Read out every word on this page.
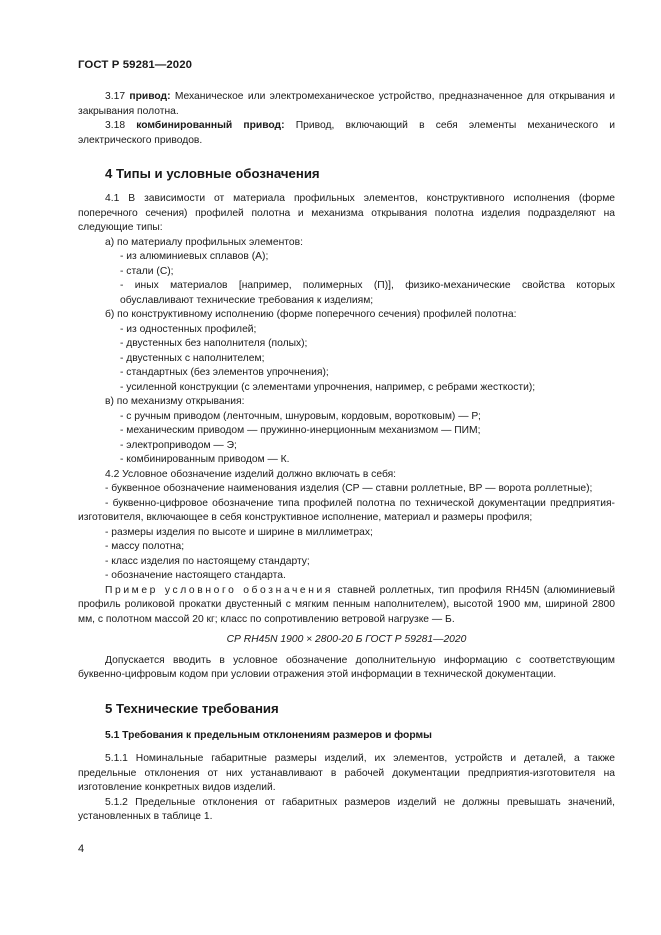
ГОСТ Р 59281—2020

3.17 привод: Механическое или электромеханическое устройство, предназначенное для открывания и закрывания полотна.

3.18 комбинированный привод: Привод, включающий в себя элементы механического и электрического приводов.

4 Типы и условные обозначения

4.1 В зависимости от материала профильных элементов, конструктивного исполнения (форме поперечного сечения) профилей полотна и механизма открывания полотна изделия подразделяют на следующие типы:

а) по материалу профильных элементов:

- из алюминиевых сплавов (А);

- стали (С);

- иных материалов [например, полимерных (П)], физико-механические свойства которых обуславливают технические требования к изделиям;

б) по конструктивному исполнению (форме поперечного сечения) профилей полотна:

- из одностенных профилей;

- двустенных без наполнителя (полых);

- двустенных с наполнителем;

- стандартных (без элементов упрочнения);

- усиленной конструкции (с элементами упрочнения, например, с ребрами жесткости);

в) по механизму открывания:

- с ручным приводом (ленточным, шнуровым, кордовым, воротковым) — Р;

- механическим приводом — пружинно-инерционным механизмом — ПИМ;

- электроприводом — Э;

- комбинированным приводом — К.

4.2 Условное обозначение изделий должно включать в себя:

- буквенное обозначение наименования изделия (СР — ставни роллетные, ВР — ворота роллетные);

- буквенно-цифровое обозначение типа профилей полотна по технической документации предприятия-изготовителя, включающее в себя конструктивное исполнение, материал и размеры профиля;

- размеры изделия по высоте и ширине в миллиметрах;

- массу полотна;

- класс изделия по настоящему стандарту;

- обозначение настоящего стандарта.

Пример условного обозначения ставней роллетных, тип профиля RH45N (алюминиевый профиль роликовой прокатки двустенный с мягким пенным наполнителем), высотой 1900 мм, шириной 2800 мм, с полотном массой 20 кг; класс по сопротивлению ветровой нагрузке — Б.

СР RH45N 1900 × 2800-20 Б ГОСТ Р 59281—2020

Допускается вводить в условное обозначение дополнительную информацию с соответствующим буквенно-цифровым кодом при условии отражения этой информации в технической документации.

5 Технические требования
5.1 Требования к предельным отклонениям размеров и формы

5.1.1 Номинальные габаритные размеры изделий, их элементов, устройств и деталей, а также предельные отклонения от них устанавливают в рабочей документации предприятия-изготовителя на изготовление конкретных видов изделий.

5.1.2 Предельные отклонения от габаритных размеров изделий не должны превышать значений, установленных в таблице 1.

4
